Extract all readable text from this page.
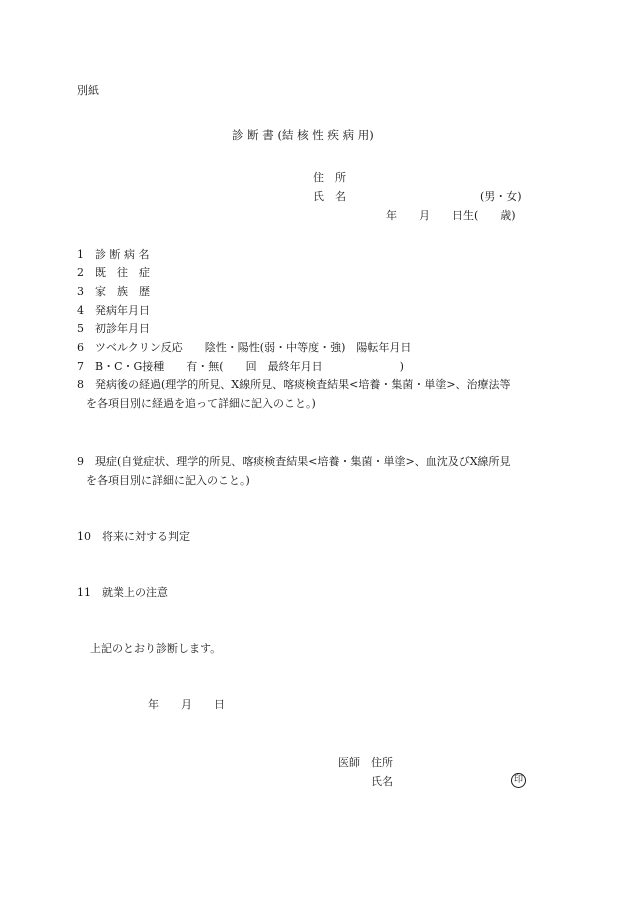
別紙
診 断 書 (結 核 性 疾 病 用)
住　所
氏　名	(男・女)
年　　月　　日生(　　歳)
1　診 断 病 名
2　既　往　症
3　家　族　歴
4　発病年月日
5　初診年月日
6　ツベルクリン反応　　陰性・陽性(弱・中等度・強)　陽転年月日
7　B・C・G接種　　有・無(　　回　最終年月日　　　　　　　)
8　発病後の経過(理学的所見、X線所見、喀痰検査結果<培養・集菌・単塗>、治療法等
を各項目別に経過を追って詳細に記入のこと。)
9　現症(自覚症状、理学的所見、喀痰検査結果<培養・集菌・単塗>、血沈及びX線所見
を各項目別に詳細に記入のこと。)
10　将来に対する判定
11　就業上の注意
上記のとおり診断します。
年　　月　　日
医師 住所
氏名	印
